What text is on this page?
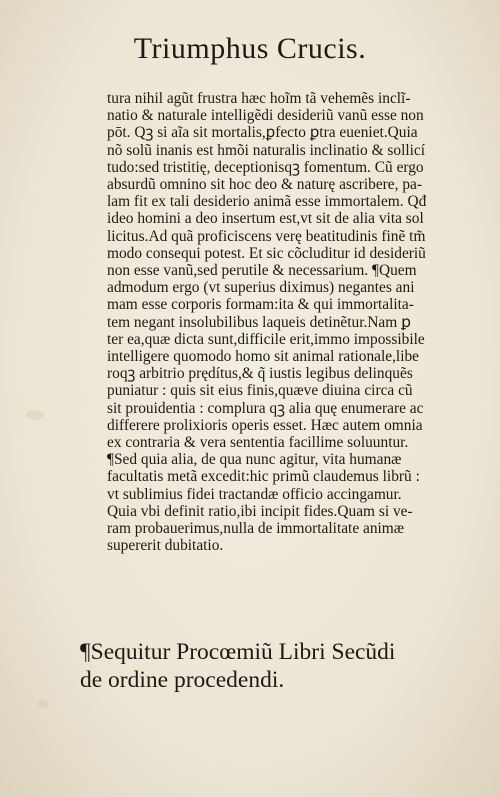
Triumphus Crucis.
tura nihil agũt frustra hæc hoĩm tã vehemẽs inclĩ-
natio & naturale intelligẽdi desideriũ vanũ esse non
pōt. Qꝫ si aĩa sit mortalis,ꝑfecto ꝑtra eueniet.Quia
nõ solũ inanis est hmõi naturalis inclinatio & sollicí
tudo:sed tristitię, deceptionisqꝫ fomentum. Cũ ergo
absurdũ omnino sit hoc deo & naturę ascribere, pa-
lam fit ex tali desiderio animã esse immortalem. Qđ
ideo homini a deo insertum est,vt sit de alia vita sol
licitus.Ad quã proficiscens verę beatitudinis finẽ tm̃
modo consequi potest. Et sic cõcluditur id desideriũ
non esse vanũ,sed perutile & necessarium. ¶Quem
admodum ergo (vt superius diximus) negantes ani
mam esse corporis formam:ita & qui immortalita-
tem negant insolubilibus laqueis detinẽtur.Nam ꝑ
ter ea,quæ dicta sunt,difficile erit,immo impossibile
intelligere quomodo homo sit animal rationale,libe
roqꝫ arbitrio prędítus,& q̃ iustis legibus delinquẽs
puniatur : quis sit eius finis,quæve diuina circa cũ
sit prouidentia : complura qꝫ alia quę enumerare ac
differere prolixioris operis esset. Hæc autem omnia
ex contraria & vera sententia facillime soluuntur.
¶Sed quia alia, de qua nunc agitur, vita humanæ
facultatis metã excedit:hic primũ claudemus librũ :
vt sublimius fidei tractandæ officio accingamur.
Quia vbi definit ratio,ibi incipit fides.Quam si ve-
ram probauerimus,nulla de immortalitate animæ
supererit dubitatio.
¶Sequitur Procœmiũ Libri Secũdi
de ordine procedendi.
